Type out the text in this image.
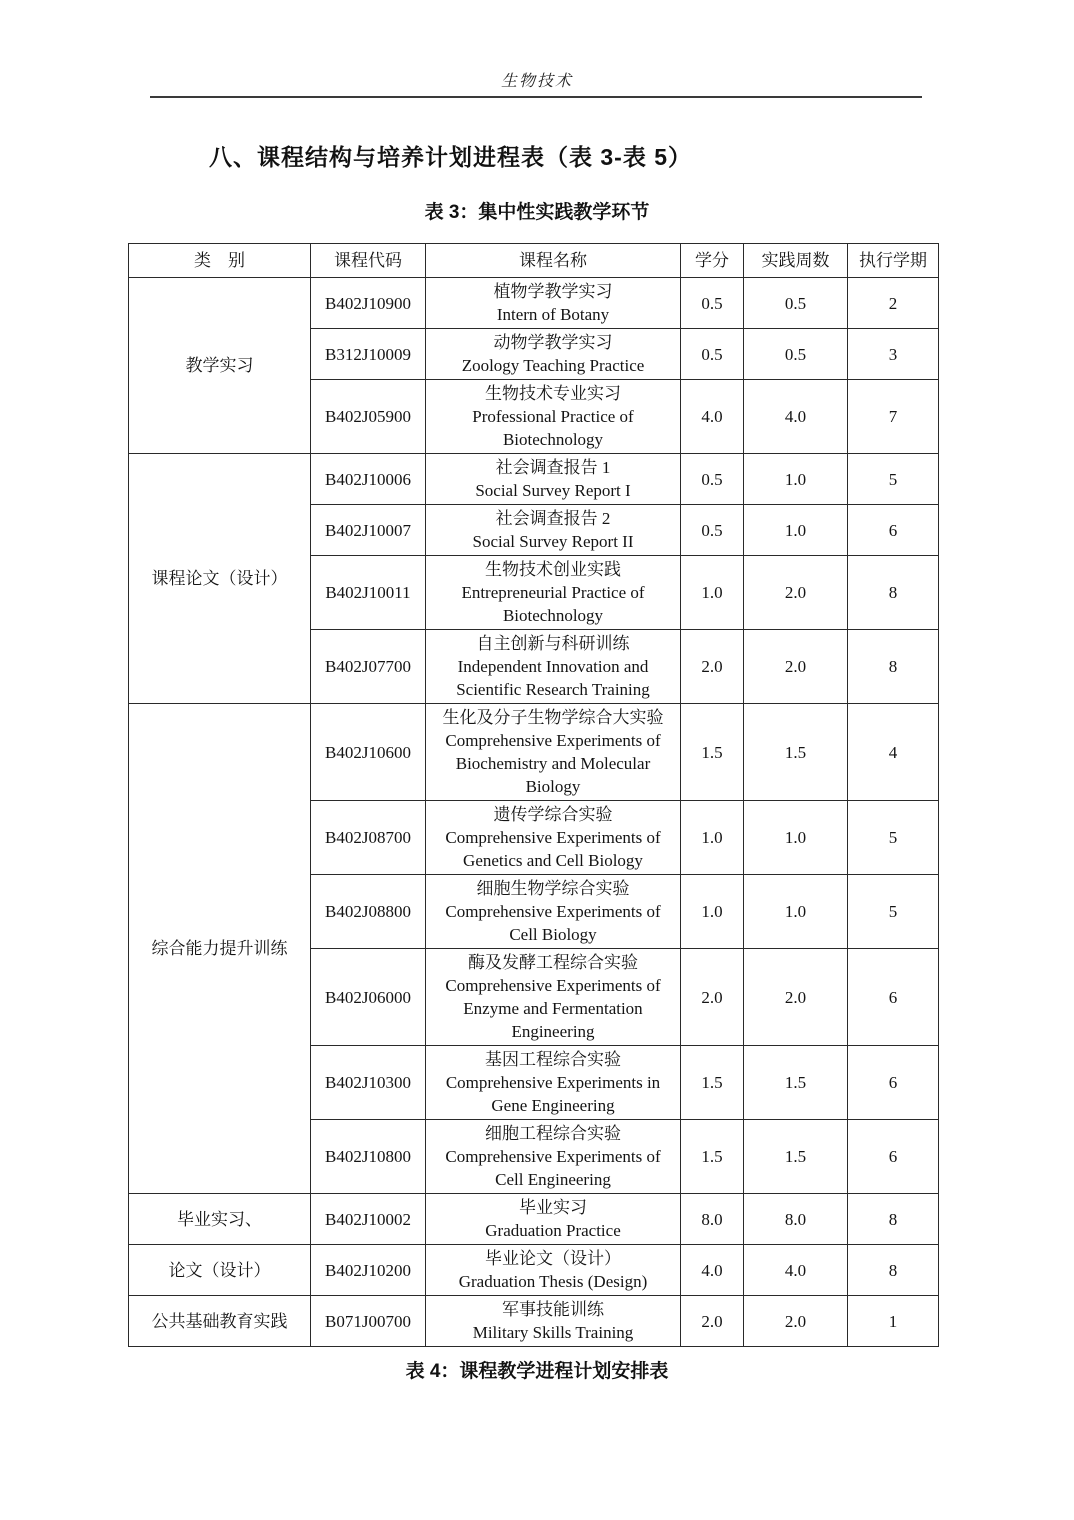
生物技术
八、课程结构与培养计划进程表（表 3-表 5）
表 3：集中性实践教学环节
类　别	课程代码	课程名称	学分	实践周数	执行学期
教学实习	B402J10900	植物学教学实习
Intern of Botany	0.5	0.5	2
	B312J10009	动物学教学实习
Zoology Teaching Practice	0.5	0.5	3
	B402J05900	生物技术专业实习
Professional Practice of Biotechnology	4.0	4.0	7
课程论文（设计）	B402J10006	社会调查报告 1
Social Survey Report I	0.5	1.0	5
	B402J10007	社会调查报告 2
Social Survey Report II	0.5	1.0	6
	B402J10011	生物技术创业实践
Entrepreneurial Practice of Biotechnology	1.0	2.0	8
	B402J07700	自主创新与科研训练
Independent Innovation and Scientific Research Training	2.0	2.0	8
综合能力提升训练	B402J10600	生化及分子生物学综合大实验
Comprehensive Experiments of Biochemistry and Molecular Biology	1.5	1.5	4
	B402J08700	遗传学综合实验
Comprehensive Experiments of Genetics and Cell Biology	1.0	1.0	5
	B402J08800	细胞生物学综合实验
Comprehensive Experiments of Cell Biology	1.0	1.0	5
	B402J06000	酶及发酵工程综合实验
Comprehensive Experiments of Enzyme and Fermentation Engineering	2.0	2.0	6
	B402J10300	基因工程综合实验
Comprehensive Experiments in Gene Engineering	1.5	1.5	6
	B402J10800	细胞工程综合实验
Comprehensive Experiments of Cell Engineering	1.5	1.5	6
毕业实习、	B402J10002	毕业实习
Graduation Practice	8.0	8.0	8
论文（设计）	B402J10200	毕业论文（设计）
Graduation Thesis (Design)	4.0	4.0	8
公共基础教育实践	B071J00700	军事技能训练
Military Skills Training	2.0	2.0	1
表 4：课程教学进程计划安排表
